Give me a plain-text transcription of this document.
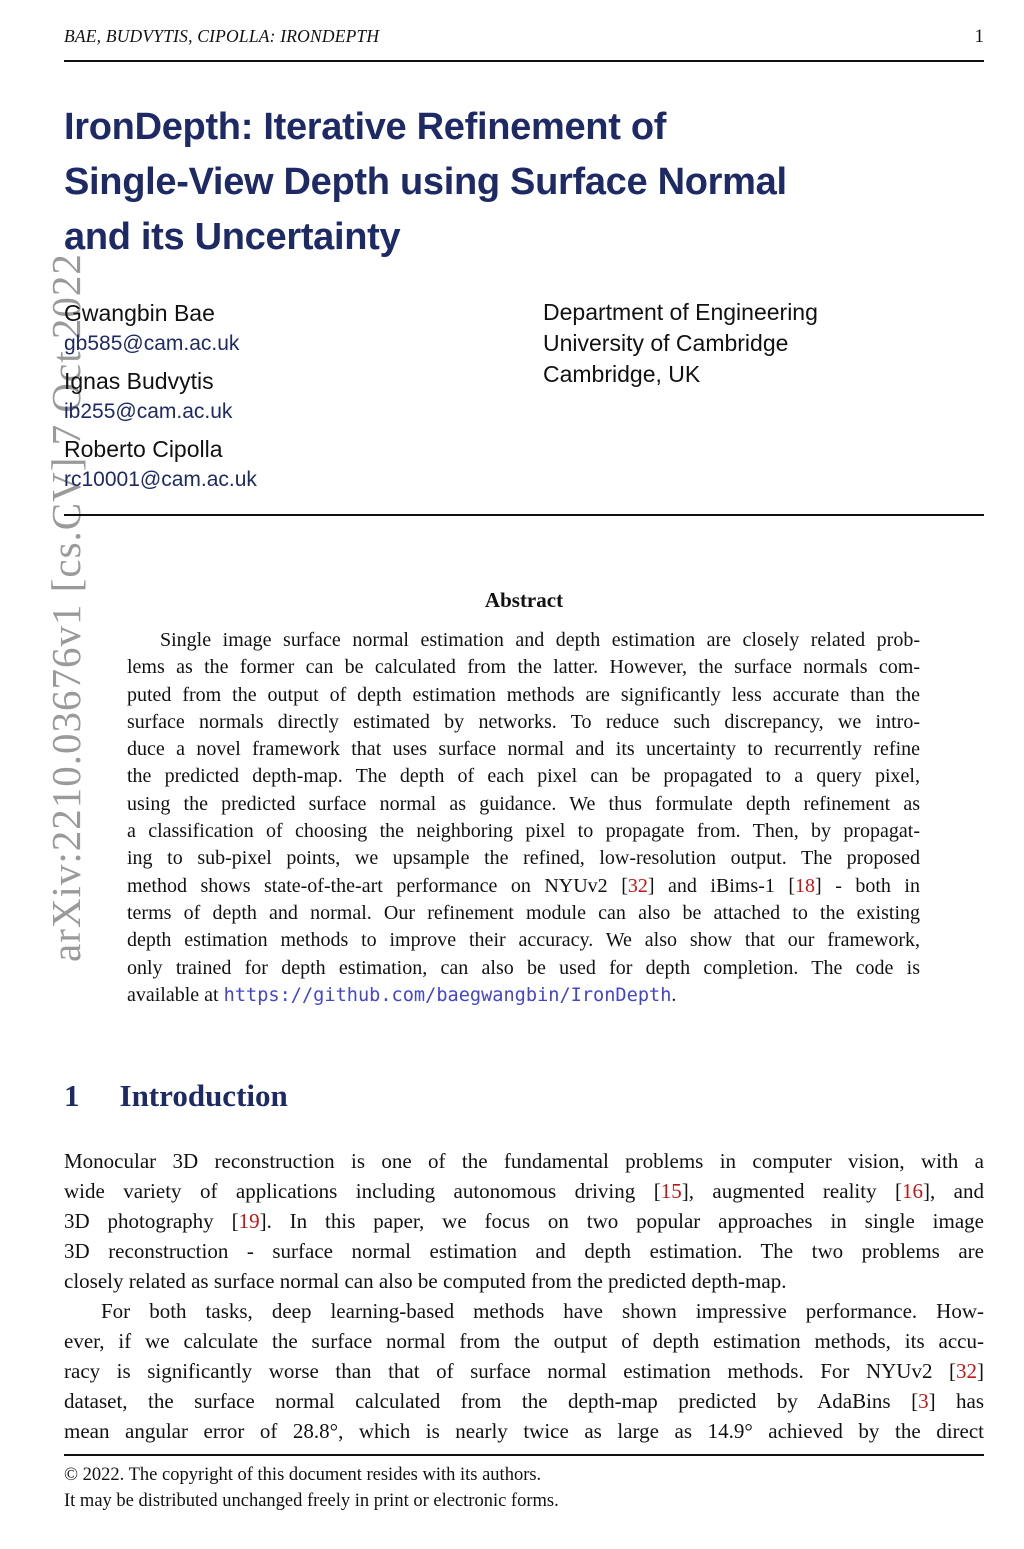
arXiv:2210.03676v1 [cs.CV] 7 Oct 2022
BAE, BUDVYTIS, CIPOLLA: IRONDEPTH	1
IronDepth: Iterative Refinement of
Single-View Depth using Surface Normal
and its Uncertainty
Gwangbin Bae
gb585@cam.ac.uk
Ignas Budvytis
ib255@cam.ac.uk
Roberto Cipolla
rc10001@cam.ac.uk
Department of Engineering
University of Cambridge
Cambridge, UK
Abstract
Single image surface normal estimation and depth estimation are closely related prob-
lems as the former can be calculated from the latter. However, the surface normals com-
puted from the output of depth estimation methods are significantly less accurate than the
surface normals directly estimated by networks. To reduce such discrepancy, we intro-
duce a novel framework that uses surface normal and its uncertainty to recurrently refine
the predicted depth-map. The depth of each pixel can be propagated to a query pixel,
using the predicted surface normal as guidance. We thus formulate depth refinement as
a classification of choosing the neighboring pixel to propagate from. Then, by propagat-
ing to sub-pixel points, we upsample the refined, low-resolution output. The proposed
method shows state-of-the-art performance on NYUv2 [32] and iBims-1 [18] - both in
terms of depth and normal. Our refinement module can also be attached to the existing
depth estimation methods to improve their accuracy. We also show that our framework,
only trained for depth estimation, can also be used for depth completion. The code is
available at https://github.com/baegwangbin/IronDepth.
1 Introduction
Monocular 3D reconstruction is one of the fundamental problems in computer vision, with a
wide variety of applications including autonomous driving [15], augmented reality [16], and
3D photography [19]. In this paper, we focus on two popular approaches in single image
3D reconstruction - surface normal estimation and depth estimation. The two problems are
closely related as surface normal can also be computed from the predicted depth-map.
For both tasks, deep learning-based methods have shown impressive performance. How-
ever, if we calculate the surface normal from the output of depth estimation methods, its accu-
racy is significantly worse than that of surface normal estimation methods. For NYUv2 [32]
dataset, the surface normal calculated from the depth-map predicted by AdaBins [3] has
mean angular error of 28.8°, which is nearly twice as large as 14.9° achieved by the direct
© 2022. The copyright of this document resides with its authors.
It may be distributed unchanged freely in print or electronic forms.
